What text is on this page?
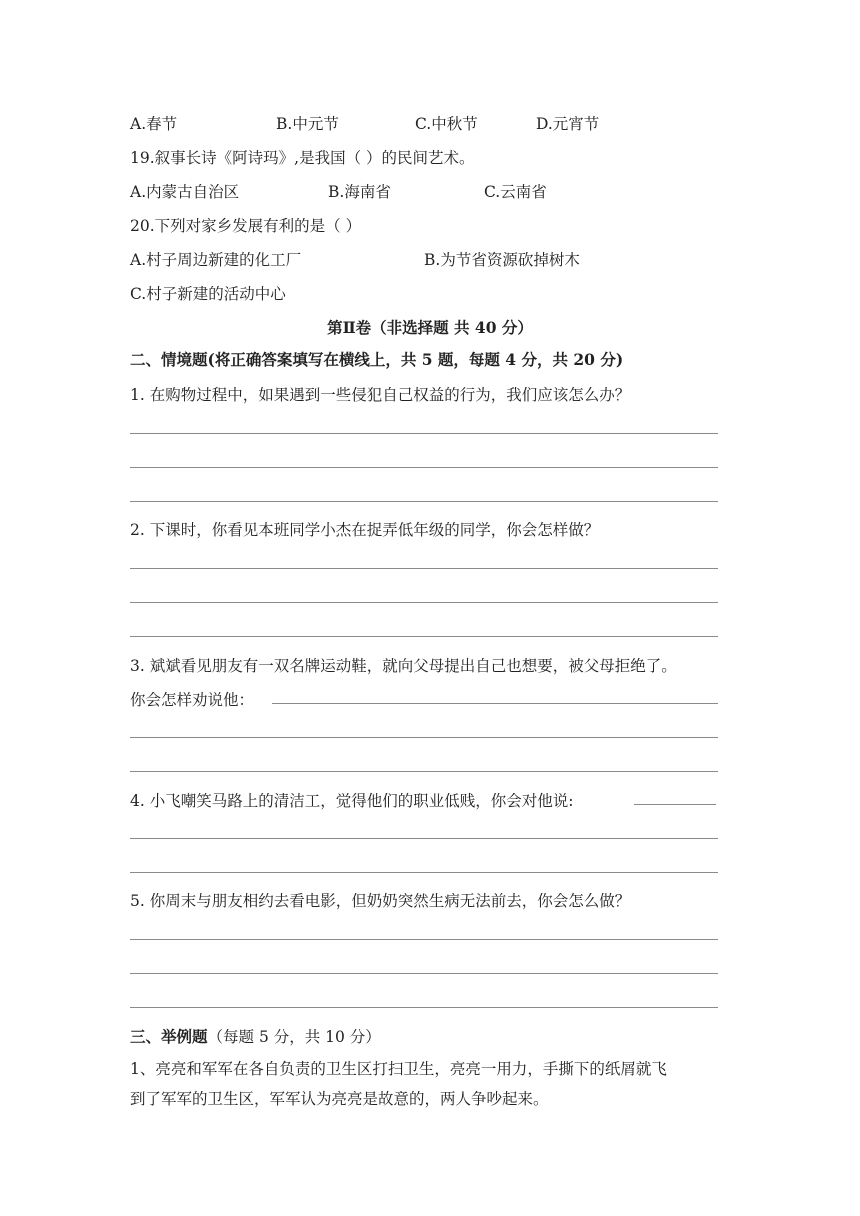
A.春节	B.中元节	C.中秋节	D.元宵节
19.叙事长诗《阿诗玛》,是我国（ ）的民间艺术。
A.内蒙古自治区	B.海南省	C.云南省
20.下列对家乡发展有利的是（ ）
A.村子周边新建的化工厂	B.为节省资源砍掉树木
C.村子新建的活动中心
第Ⅱ卷（非选择题 共 40 分）
二、情境题(将正确答案填写在横线上，共 5 题，每题 4 分，共 20 分)
1. 在购物过程中，如果遇到一些侵犯自己权益的行为，我们应该怎么办？
2. 下课时，你看见本班同学小杰在捉弄低年级的同学，你会怎样做？
3. 斌斌看见朋友有一双名牌运动鞋，就向父母提出自己也想要，被父母拒绝了。
你会怎样劝说他：
4. 小飞嘲笑马路上的清洁工，觉得他们的职业低贱，你会对他说:
5. 你周末与朋友相约去看电影，但奶奶突然生病无法前去，你会怎么做？
三、举例题（每题 5 分，共 10 分）
1、亮亮和军军在各自负责的卫生区打扫卫生，亮亮一用力，手撕下的纸屑就飞
到了军军的卫生区，军军认为亮亮是故意的，两人争吵起来。
